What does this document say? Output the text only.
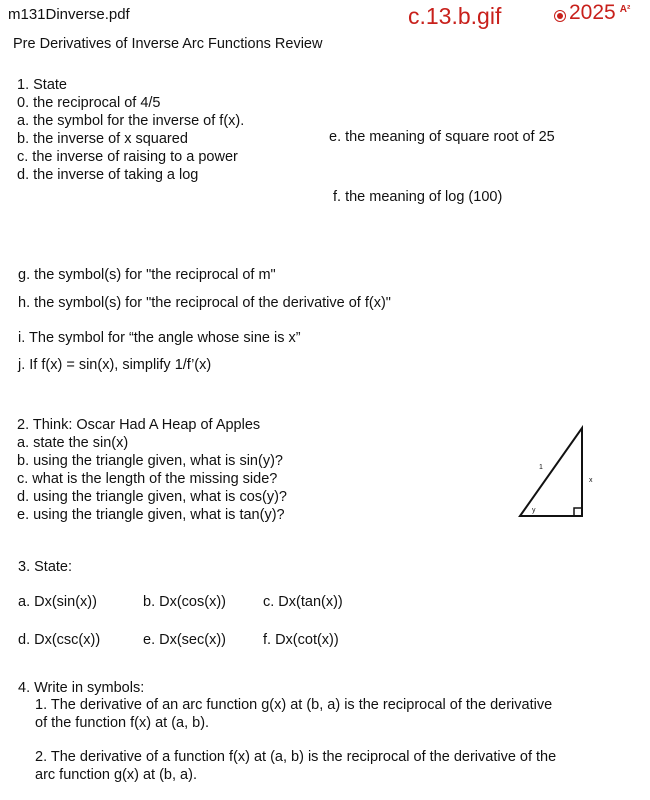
m131Dinverse.pdf	c.13.b.gif	2025 A²
Pre Derivatives of Inverse Arc Functions Review
1. State
0. the reciprocal of 4/5
a. the symbol for the inverse of f(x).
b. the inverse of x squared
c. the inverse of raising to a power
d. the inverse of taking a log
e. the meaning of square root of 25
f. the meaning of log (100)
g. the symbol(s) for "the reciprocal of m"
h. the symbol(s) for "the reciprocal of the derivative of f(x)"
i. The symbol for “the angle whose sine is x”
j. If f(x) = sin(x), simplify 1/f’(x)
2. Think: Oscar Had A Heap of Apples
a. state the sin(x)
b. using the triangle given, what is sin(y)?
c. what is the length of the missing side?
d. using the triangle given, what is cos(y)?
e. using the triangle given, what is tan(y)?
1
x
y
3. State:
a. Dx(sin(x))	b. Dx(cos(x))	c. Dx(tan(x))
d. Dx(csc(x))	e. Dx(sec(x))	f. Dx(cot(x))
4. Write in symbols:
1. The derivative of an arc function g(x) at (b, a) is the reciprocal of the derivative
of the function f(x) at (a, b).
2. The derivative of a function f(x) at (a, b) is the reciprocal of the derivative of the
arc function g(x) at (b, a).
